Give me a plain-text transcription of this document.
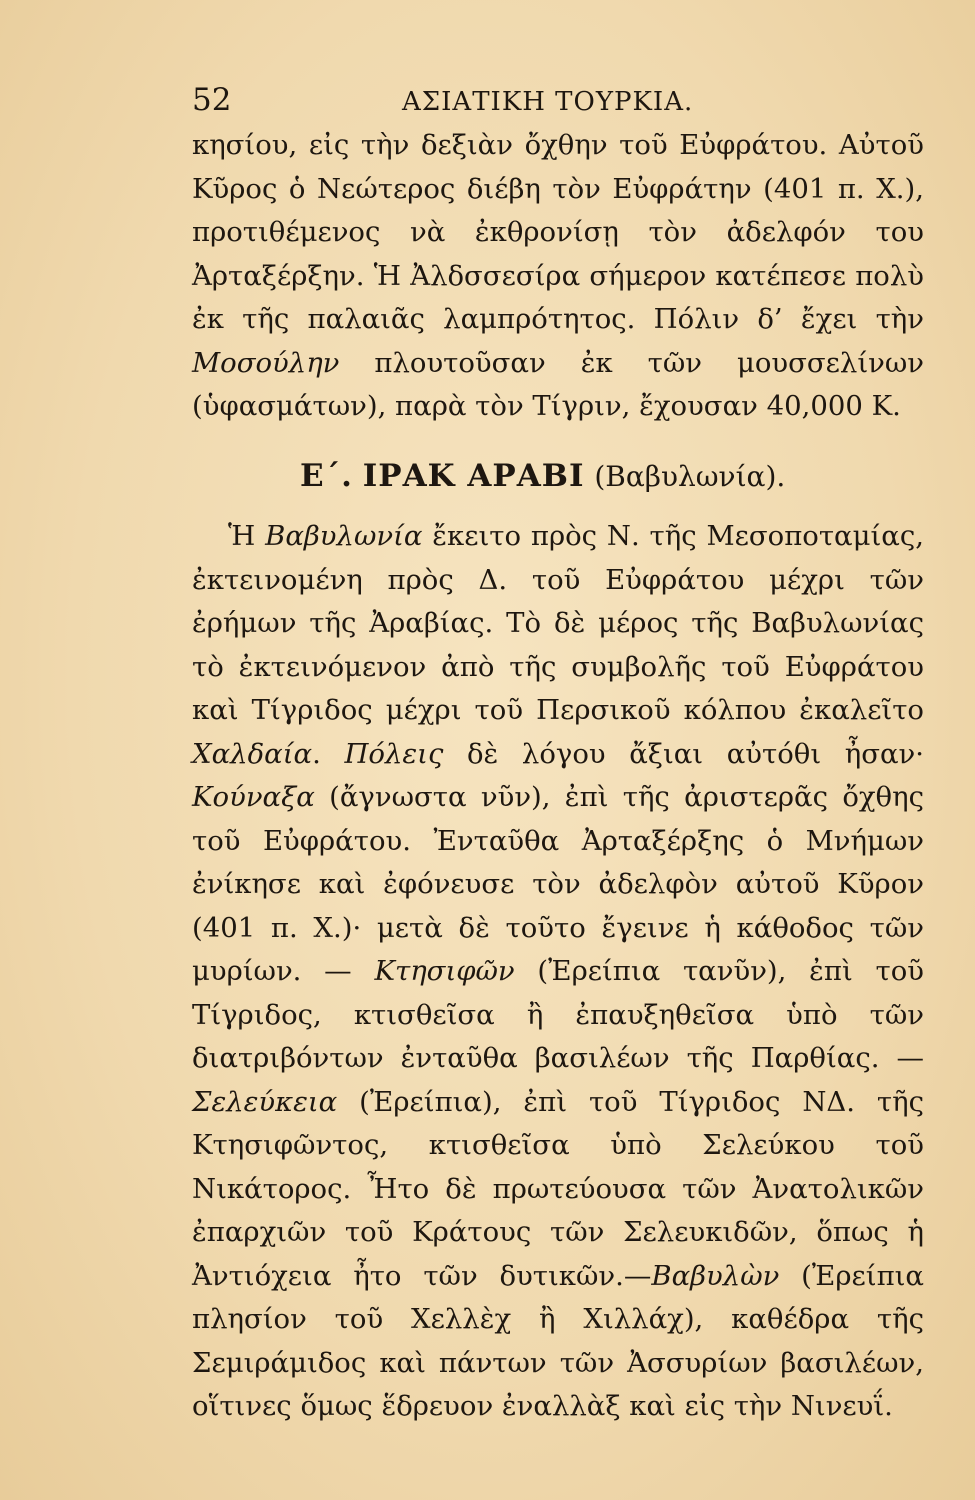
52	ΑΣΙΑΤΙΚΗ ΤΟΥΡΚΙΑ.

κησίου, εἰς τὴν δεξιὰν ὄχθην τοῦ Εὐφράτου. Αὐτοῦ Κῦρος ὁ Νεώτερος διέβη τὸν Εὐφράτην (401 π. Χ.), προτιθέμενος νὰ ἐκθρονίσῃ τὸν ἀδελφόν του Ἀρταξέρξην. Ἡ Ἀλδσσεσίρα σήμερον κατέπεσε πολὺ ἐκ τῆς παλαιᾶς λαμπρότητος. Πόλιν δ’ ἔχει τὴν Μοσούλην πλουτοῦσαν ἐκ τῶν μουσσελίνων (ὑφασμάτων), παρὰ τὸν Τίγριν, ἔχουσαν 40,000 Κ.

Ε΄. ΙΡΑΚ ΑΡΑΒΙ (Βαβυλωνία).

Ἡ Βαβυλωνία ἔκειτο πρὸς Ν. τῆς Μεσοποταμίας, ἐκτεινομένη πρὸς Δ. τοῦ Εὐφράτου μέχρι τῶν ἐρήμων τῆς Ἀραβίας. Τὸ δὲ μέρος τῆς Βαβυλωνίας τὸ ἐκτεινόμενον ἀπὸ τῆς συμβολῆς τοῦ Εὐφράτου καὶ Τίγριδος μέχρι τοῦ Περσικοῦ κόλπου ἐκαλεῖτο Χαλδαία. Πόλεις δὲ λόγου ἄξιαι αὐτόθι ἦσαν· Κούναξα (ἄγνωστα νῦν), ἐπὶ τῆς ἀριστερᾶς ὄχθης τοῦ Εὐφράτου. Ἐνταῦθα Ἀρταξέρξης ὁ Μνήμων ἐνίκησε καὶ ἐφόνευσε τὸν ἀδελφὸν αὐτοῦ Κῦρον (401 π. Χ.)· μετὰ δὲ τοῦτο ἔγεινε ἡ κάθοδος τῶν μυρίων. — Κτησιφῶν (Ἐρείπια τανῦν), ἐπὶ τοῦ Τίγριδος, κτισθεῖσα ἢ ἐπαυξηθεῖσα ὑπὸ τῶν διατριβόντων ἐνταῦθα βασιλέων τῆς Παρθίας. — Σελεύκεια (Ἐρείπια), ἐπὶ τοῦ Τίγριδος ΝΔ. τῆς Κτησιφῶντος, κτισθεῖσα ὑπὸ Σελεύκου τοῦ Νικάτορος. Ἦτο δὲ πρωτεύουσα τῶν Ἀνατολικῶν ἐπαρχιῶν τοῦ Κράτους τῶν Σελευκιδῶν, ὅπως ἡ Ἀντιόχεια ἦτο τῶν δυτικῶν.—Βαβυλὼν (Ἐρείπια πλησίον τοῦ Χελλὲχ ἢ Χιλλάχ), καθέδρα τῆς Σεμιράμιδος καὶ πάντων τῶν Ἀσσυρίων βασιλέων, οἵτινες ὅμως ἕδρευον ἐναλλὰξ καὶ εἰς τὴν Νινευΐ.
